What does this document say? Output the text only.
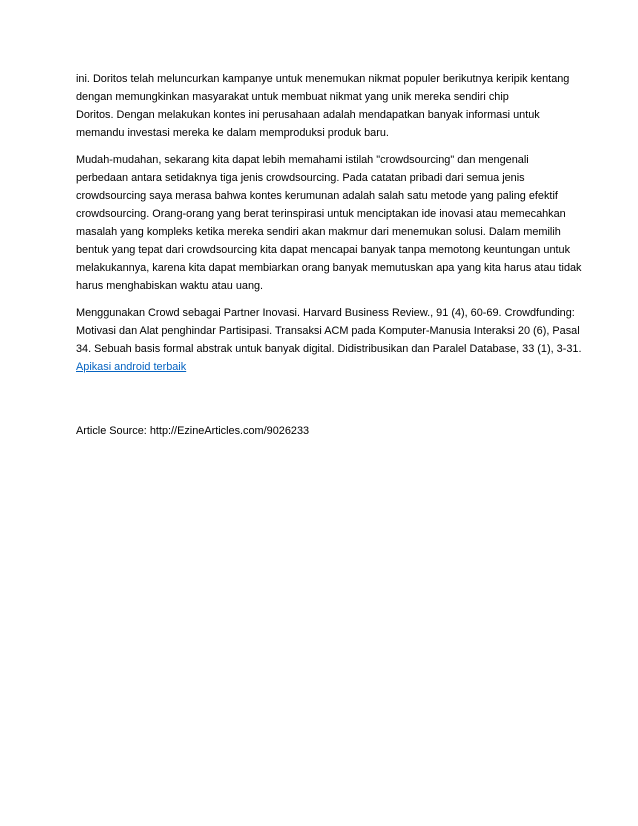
ini. Doritos telah meluncurkan kampanye untuk menemukan nikmat populer berikutnya keripik kentang
dengan memungkinkan masyarakat untuk membuat nikmat yang unik mereka sendiri chip
Doritos. Dengan melakukan kontes ini perusahaan adalah mendapatkan banyak informasi untuk
memandu investasi mereka ke dalam memproduksi produk baru.

Mudah-mudahan, sekarang kita dapat lebih memahami istilah "crowdsourcing" dan mengenali
perbedaan antara setidaknya tiga jenis crowdsourcing. Pada catatan pribadi dari semua jenis
crowdsourcing saya merasa bahwa kontes kerumunan adalah salah satu metode yang paling efektif
crowdsourcing. Orang-orang yang berat terinspirasi untuk menciptakan ide inovasi atau memecahkan
masalah yang kompleks ketika mereka sendiri akan makmur dari menemukan solusi. Dalam memilih
bentuk yang tepat dari crowdsourcing kita dapat mencapai banyak tanpa memotong keuntungan untuk
melakukannya, karena kita dapat membiarkan orang banyak memutuskan apa yang kita harus atau tidak
harus menghabiskan waktu atau uang.

Menggunakan Crowd sebagai Partner Inovasi. Harvard Business Review., 91 (4), 60-69. Crowdfunding:
Motivasi dan Alat penghindar Partisipasi. Transaksi ACM pada Komputer-Manusia Interaksi 20 (6), Pasal
34. Sebuah basis formal abstrak untuk banyak digital. Didistribusikan dan Paralel Database, 33 (1), 3-31.
Apikasi android terbaik

Article Source: http://EzineArticles.com/9026233
